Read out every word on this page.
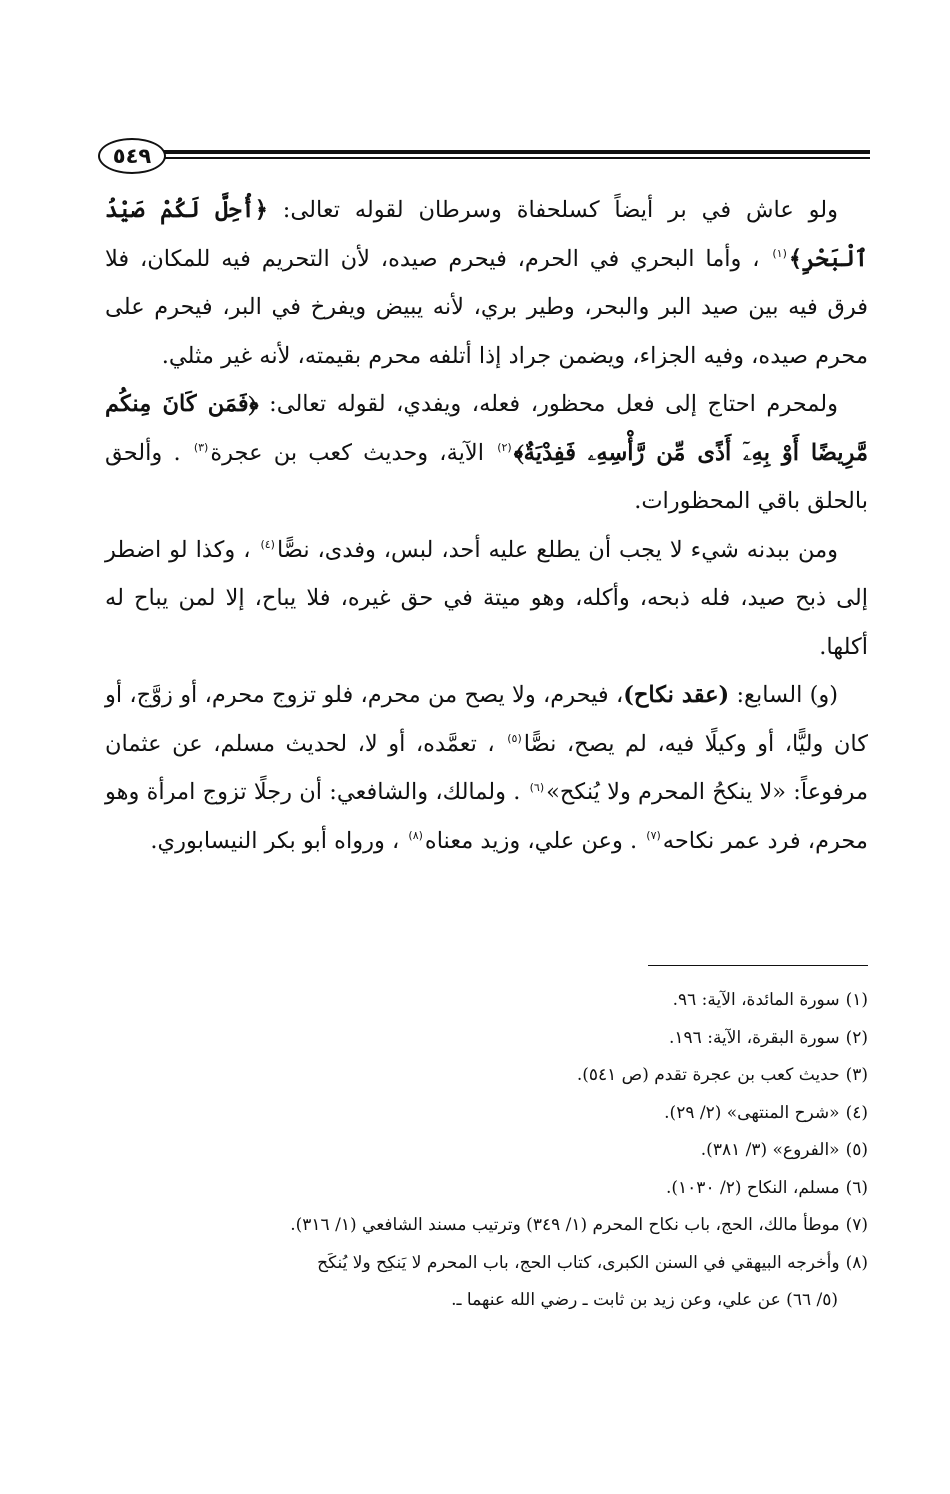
٥٤٩

ولو عاش في بر أيضاً كسلحفاة وسرطان لقوله تعالى: ﴿أُحِلَّ لَكُمْ صَيْدُ ٱلْبَحْرِ﴾$^{(١)}$ ، وأما البحري في الحرم، فيحرم صيده، لأن التحريم فيه للمكان، فلا فرق فيه بين صيد البر والبحر، وطير بري، لأنه يبيض ويفرخ في البر، فيحرم على محرم صيده، وفيه الجزاء، ويضمن جراد إذا أتلفه محرم بقيمته، لأنه غير مثلي.

ولمحرم احتاج إلى فعل محظور، فعله، ويفدي، لقوله تعالى: ﴿فَمَن كَانَ مِنكُم مَّرِيضًا أَوْ بِهِۦٓ أَذًى مِّن رَّأْسِهِۦ فَفِدْيَةٌ﴾$^{(٢)}$ الآية، وحديث كعب بن عجرة$^{(٣)}$ . وألحق بالحلق باقي المحظورات.

ومن ببدنه شيء لا يجب أن يطلع عليه أحد، لبس، وفدى، نصًّا$^{(٤)}$ ، وكذا لو اضطر إلى ذبح صيد، فله ذبحه، وأكله، وهو ميتة في حق غيره، فلا يباح، إلا لمن يباح له أكلها.

(و) السابع: (عقد نكاح)، فيحرم، ولا يصح من محرم، فلو تزوج محرم، أو زوَّج، أو كان وليًّا، أو وكيلًا فيه، لم يصح، نصًّا$^{(٥)}$ ، تعمَّده، أو لا، لحديث مسلم، عن عثمان مرفوعاً: «لا ينكحُ المحرم ولا يُنكح»$^{(٦)}$ . ولمالك، والشافعي: أن رجلًا تزوج امرأة وهو محرم، فرد عمر نكاحه$^{(٧)}$ . وعن علي، وزيد معناه$^{(٨)}$ ، ورواه أبو بكر النيسابوري.

(١)سورة المائدة، الآية: ٩٦.

(٢)سورة البقرة، الآية: ١٩٦.

(٣)حديث كعب بن عجرة تقدم (ص ٥٤١).

(٤)«شرح المنتهى» (٢/ ٢٩).

(٥)«الفروع» (٣/ ٣٨١).

(٦)مسلم، النكاح (٢/ ١٠٣٠).

(٧)موطأ مالك، الحج، باب نكاح المحرم (١/ ٣٤٩) وترتيب مسند الشافعي (١/ ٣١٦).

(٨)وأخرجه البيهقي في السنن الكبرى، كتاب الحج، باب المحرم لا يَنكِح ولا يُنكَح

(٥/ ٦٦) عن علي، وعن زيد بن ثابت ـ رضي الله عنهما ـ.
